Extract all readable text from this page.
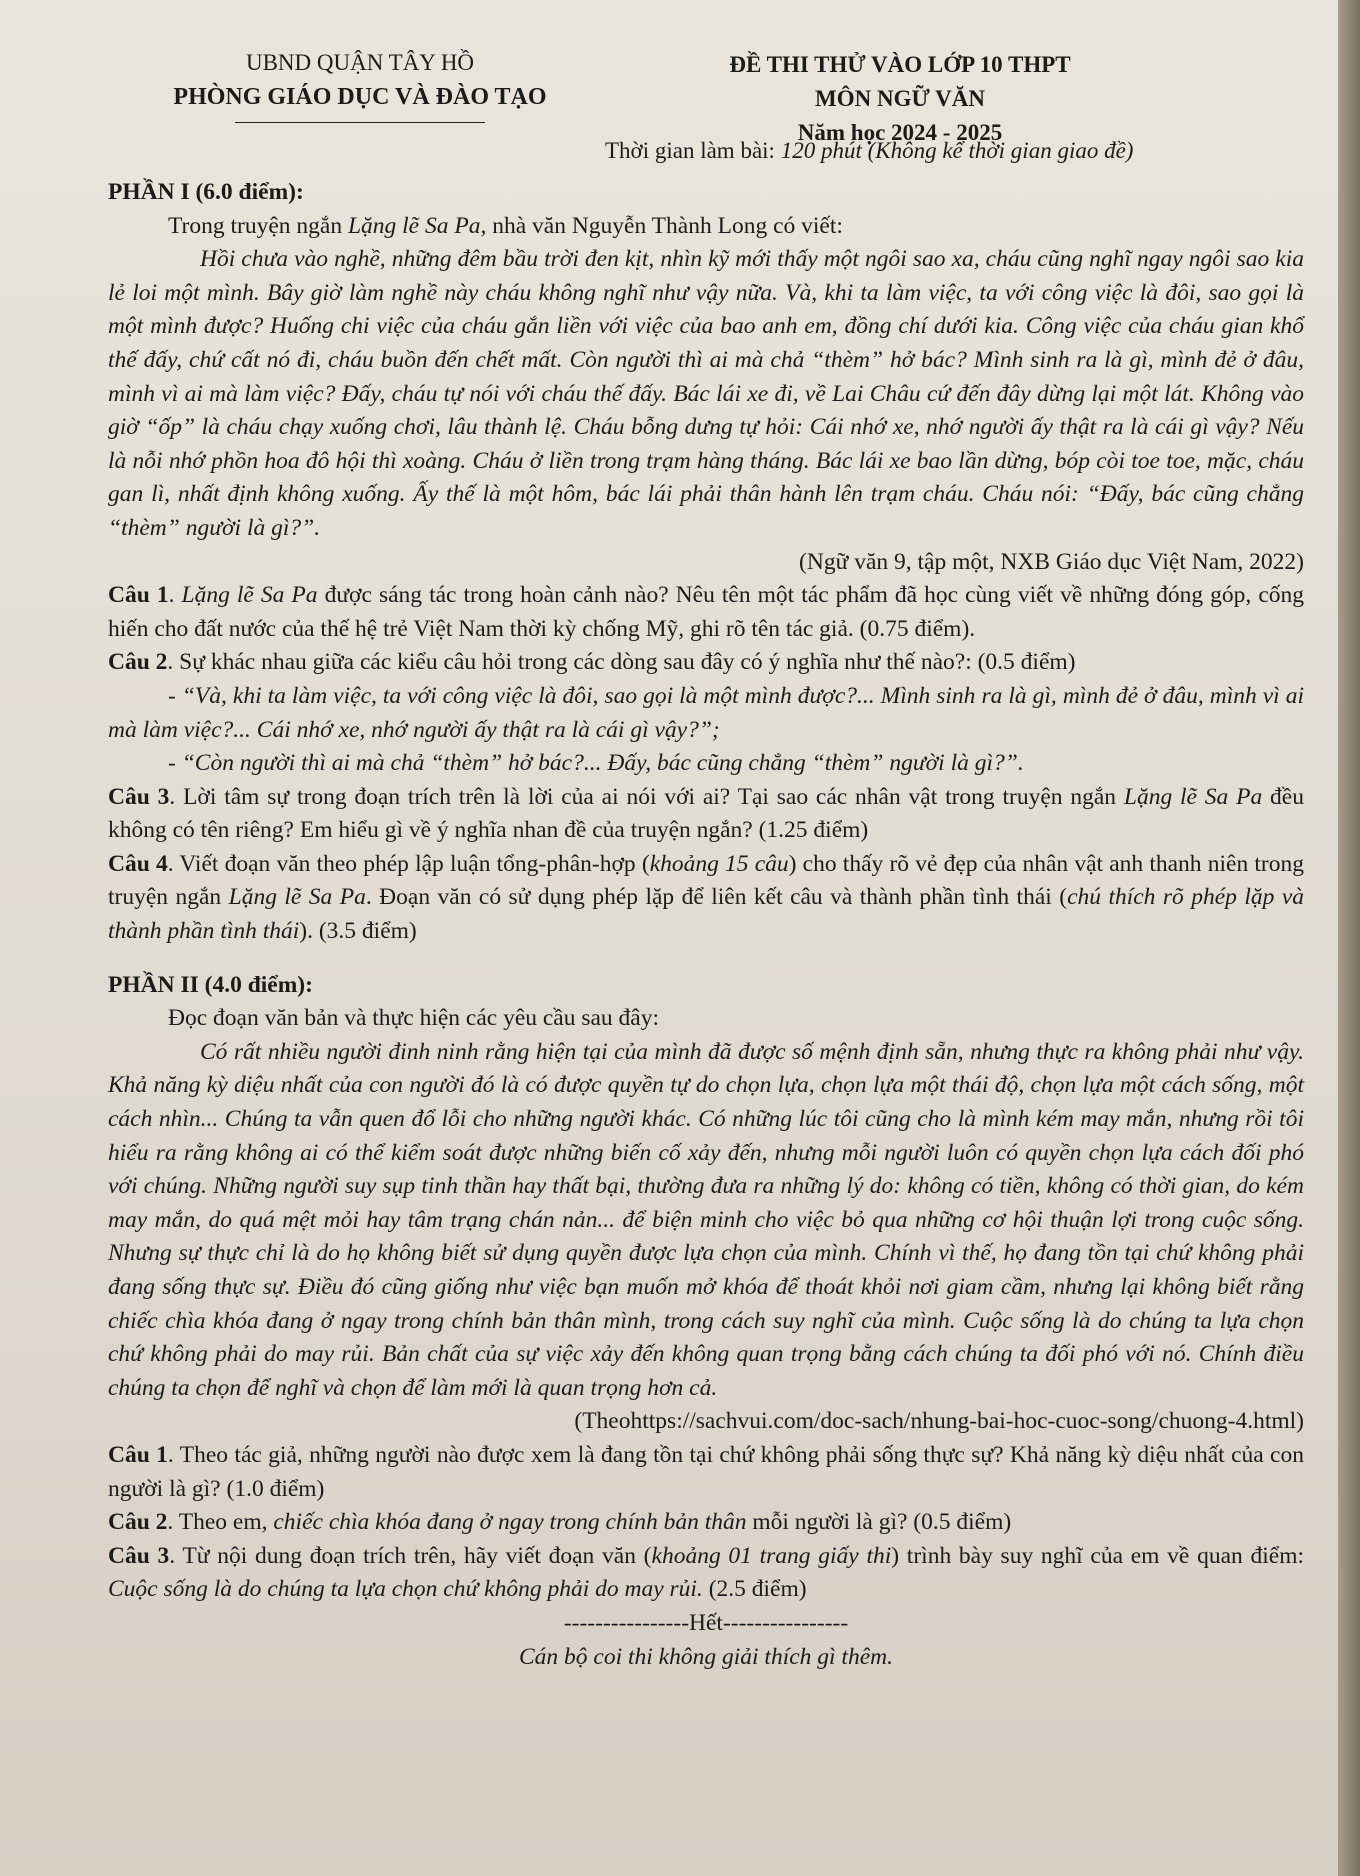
UBND QUẬN TÂY HỒ
PHÒNG GIÁO DỤC VÀ ĐÀO TẠO
ĐỀ THI THỬ VÀO LỚP 10 THPT
MÔN NGỮ VĂN
Năm học 2024 - 2025
Thời gian làm bài: 120 phút (Không kể thời gian giao đề)

PHẦN I (6.0 điểm):

Trong truyện ngắn Lặng lẽ Sa Pa, nhà văn Nguyễn Thành Long có viết:

Hồi chưa vào nghề, những đêm bầu trời đen kịt, nhìn kỹ mới thấy một ngôi sao xa, cháu cũng nghĩ ngay ngôi sao kia lẻ loi một mình. Bây giờ làm nghề này cháu không nghĩ như vậy nữa. Và, khi ta làm việc, ta với công việc là đôi, sao gọi là một mình được? Huống chi việc của cháu gắn liền với việc của bao anh em, đồng chí dưới kia. Công việc của cháu gian khổ thế đấy, chứ cất nó đi, cháu buồn đến chết mất. Còn người thì ai mà chả “thèm” hở bác? Mình sinh ra là gì, mình đẻ ở đâu, mình vì ai mà làm việc? Đấy, cháu tự nói với cháu thế đấy. Bác lái xe đi, về Lai Châu cứ đến đây dừng lại một lát. Không vào giờ “ốp” là cháu chạy xuống chơi, lâu thành lệ. Cháu bỗng dưng tự hỏi: Cái nhớ xe, nhớ người ấy thật ra là cái gì vậy? Nếu là nỗi nhớ phồn hoa đô hội thì xoàng. Cháu ở liền trong trạm hàng tháng. Bác lái xe bao lần dừng, bóp còi toe toe, mặc, cháu gan lì, nhất định không xuống. Ấy thế là một hôm, bác lái phải thân hành lên trạm cháu. Cháu nói: “Đấy, bác cũng chẳng “thèm” người là gì?”.

(Ngữ văn 9, tập một, NXB Giáo dục Việt Nam, 2022)

Câu 1. Lặng lẽ Sa Pa được sáng tác trong hoàn cảnh nào? Nêu tên một tác phẩm đã học cùng viết về những đóng góp, cống hiến cho đất nước của thế hệ trẻ Việt Nam thời kỳ chống Mỹ, ghi rõ tên tác giả. (0.75 điểm).

Câu 2. Sự khác nhau giữa các kiểu câu hỏi trong các dòng sau đây có ý nghĩa như thế nào?: (0.5 điểm)

- “Và, khi ta làm việc, ta với công việc là đôi, sao gọi là một mình được?... Mình sinh ra là gì, mình đẻ ở đâu, mình vì ai mà làm việc?... Cái nhớ xe, nhớ người ấy thật ra là cái gì vậy?”;

- “Còn người thì ai mà chả “thèm” hở bác?... Đấy, bác cũng chẳng “thèm” người là gì?”.

Câu 3. Lời tâm sự trong đoạn trích trên là lời của ai nói với ai? Tại sao các nhân vật trong truyện ngắn Lặng lẽ Sa Pa đều không có tên riêng? Em hiểu gì về ý nghĩa nhan đề của truyện ngắn? (1.25 điểm)

Câu 4. Viết đoạn văn theo phép lập luận tổng-phân-hợp (khoảng 15 câu) cho thấy rõ vẻ đẹp của nhân vật anh thanh niên trong truyện ngắn Lặng lẽ Sa Pa. Đoạn văn có sử dụng phép lặp để liên kết câu và thành phần tình thái (chú thích rõ phép lặp và thành phần tình thái). (3.5 điểm)

PHẦN II (4.0 điểm):

Đọc đoạn văn bản và thực hiện các yêu cầu sau đây:

Có rất nhiều người đinh ninh rằng hiện tại của mình đã được số mệnh định sẵn, nhưng thực ra không phải như vậy. Khả năng kỳ diệu nhất của con người đó là có được quyền tự do chọn lựa, chọn lựa một thái độ, chọn lựa một cách sống, một cách nhìn... Chúng ta vẫn quen đổ lỗi cho những người khác. Có những lúc tôi cũng cho là mình kém may mắn, nhưng rồi tôi hiểu ra rằng không ai có thể kiểm soát được những biến cố xảy đến, nhưng mỗi người luôn có quyền chọn lựa cách đối phó với chúng. Những người suy sụp tinh thần hay thất bại, thường đưa ra những lý do: không có tiền, không có thời gian, do kém may mắn, do quá mệt mỏi hay tâm trạng chán nản... để biện minh cho việc bỏ qua những cơ hội thuận lợi trong cuộc sống. Nhưng sự thực chỉ là do họ không biết sử dụng quyền được lựa chọn của mình. Chính vì thế, họ đang tồn tại chứ không phải đang sống thực sự. Điều đó cũng giống như việc bạn muốn mở khóa để thoát khỏi nơi giam cầm, nhưng lại không biết rằng chiếc chìa khóa đang ở ngay trong chính bản thân mình, trong cách suy nghĩ của mình. Cuộc sống là do chúng ta lựa chọn chứ không phải do may rủi. Bản chất của sự việc xảy đến không quan trọng bằng cách chúng ta đối phó với nó. Chính điều chúng ta chọn để nghĩ và chọn để làm mới là quan trọng hơn cả.

(Theohttps://sachvui.com/doc-sach/nhung-bai-hoc-cuoc-song/chuong-4.html)

Câu 1. Theo tác giả, những người nào được xem là đang tồn tại chứ không phải sống thực sự? Khả năng kỳ diệu nhất của con người là gì? (1.0 điểm)

Câu 2. Theo em, chiếc chìa khóa đang ở ngay trong chính bản thân mỗi người là gì? (0.5 điểm)

Câu 3. Từ nội dung đoạn trích trên, hãy viết đoạn văn (khoảng 01 trang giấy thi) trình bày suy nghĩ của em về quan điểm: Cuộc sống là do chúng ta lựa chọn chứ không phải do may rủi. (2.5 điểm)

----------------Hết----------------

Cán bộ coi thi không giải thích gì thêm.
